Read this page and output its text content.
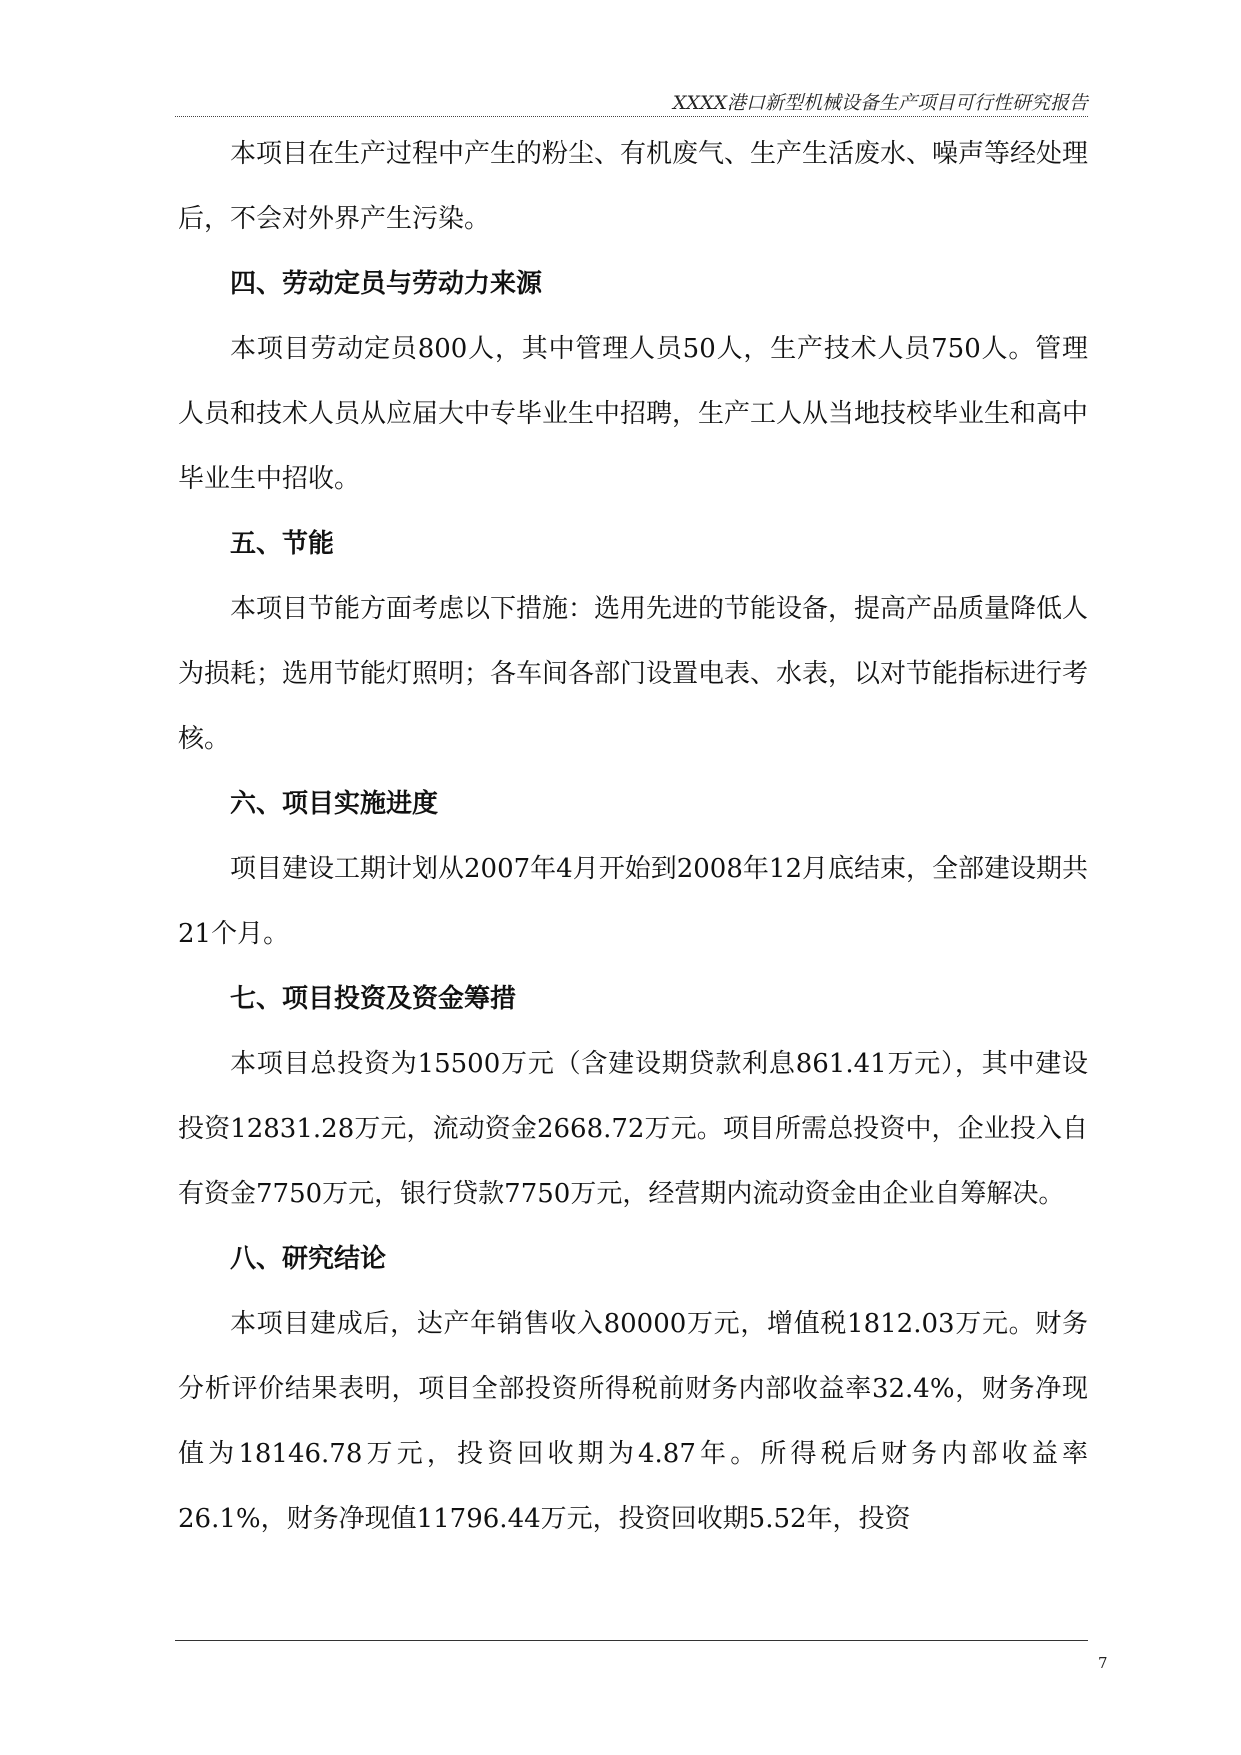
XXXX港口新型机械设备生产项目可行性研究报告

本项目在生产过程中产生的粉尘、有机废气、生产生活废水、噪声等经处理后，不会对外界产生污染。

四、劳动定员与劳动力来源

本项目劳动定员800人，其中管理人员50人，生产技术人员750人。管理人员和技术人员从应届大中专毕业生中招聘，生产工人从当地技校毕业生和高中毕业生中招收。

五、节能

本项目节能方面考虑以下措施：选用先进的节能设备，提高产品质量降低人为损耗；选用节能灯照明；各车间各部门设置电表、水表，以对节能指标进行考核。

六、项目实施进度

项目建设工期计划从2007年4月开始到2008年12月底结束，全部建设期共21个月。

七、项目投资及资金筹措

本项目总投资为15500万元（含建设期贷款利息861.41万元），其中建设投资12831.28万元，流动资金2668.72万元。项目所需总投资中，企业投入自有资金7750万元，银行贷款7750万元，经营期内流动资金由企业自筹解决。

八、研究结论

本项目建成后，达产年销售收入80000万元，增值税1812.03万元。财务分析评价结果表明，项目全部投资所得税前财务内部收益率32.4%，财务净现值为18146.78万元，投资回收期为4.87年。所得税后财务内部收益率26.1%，财务净现值11796.44万元，投资回收期5.52年，投资

7
